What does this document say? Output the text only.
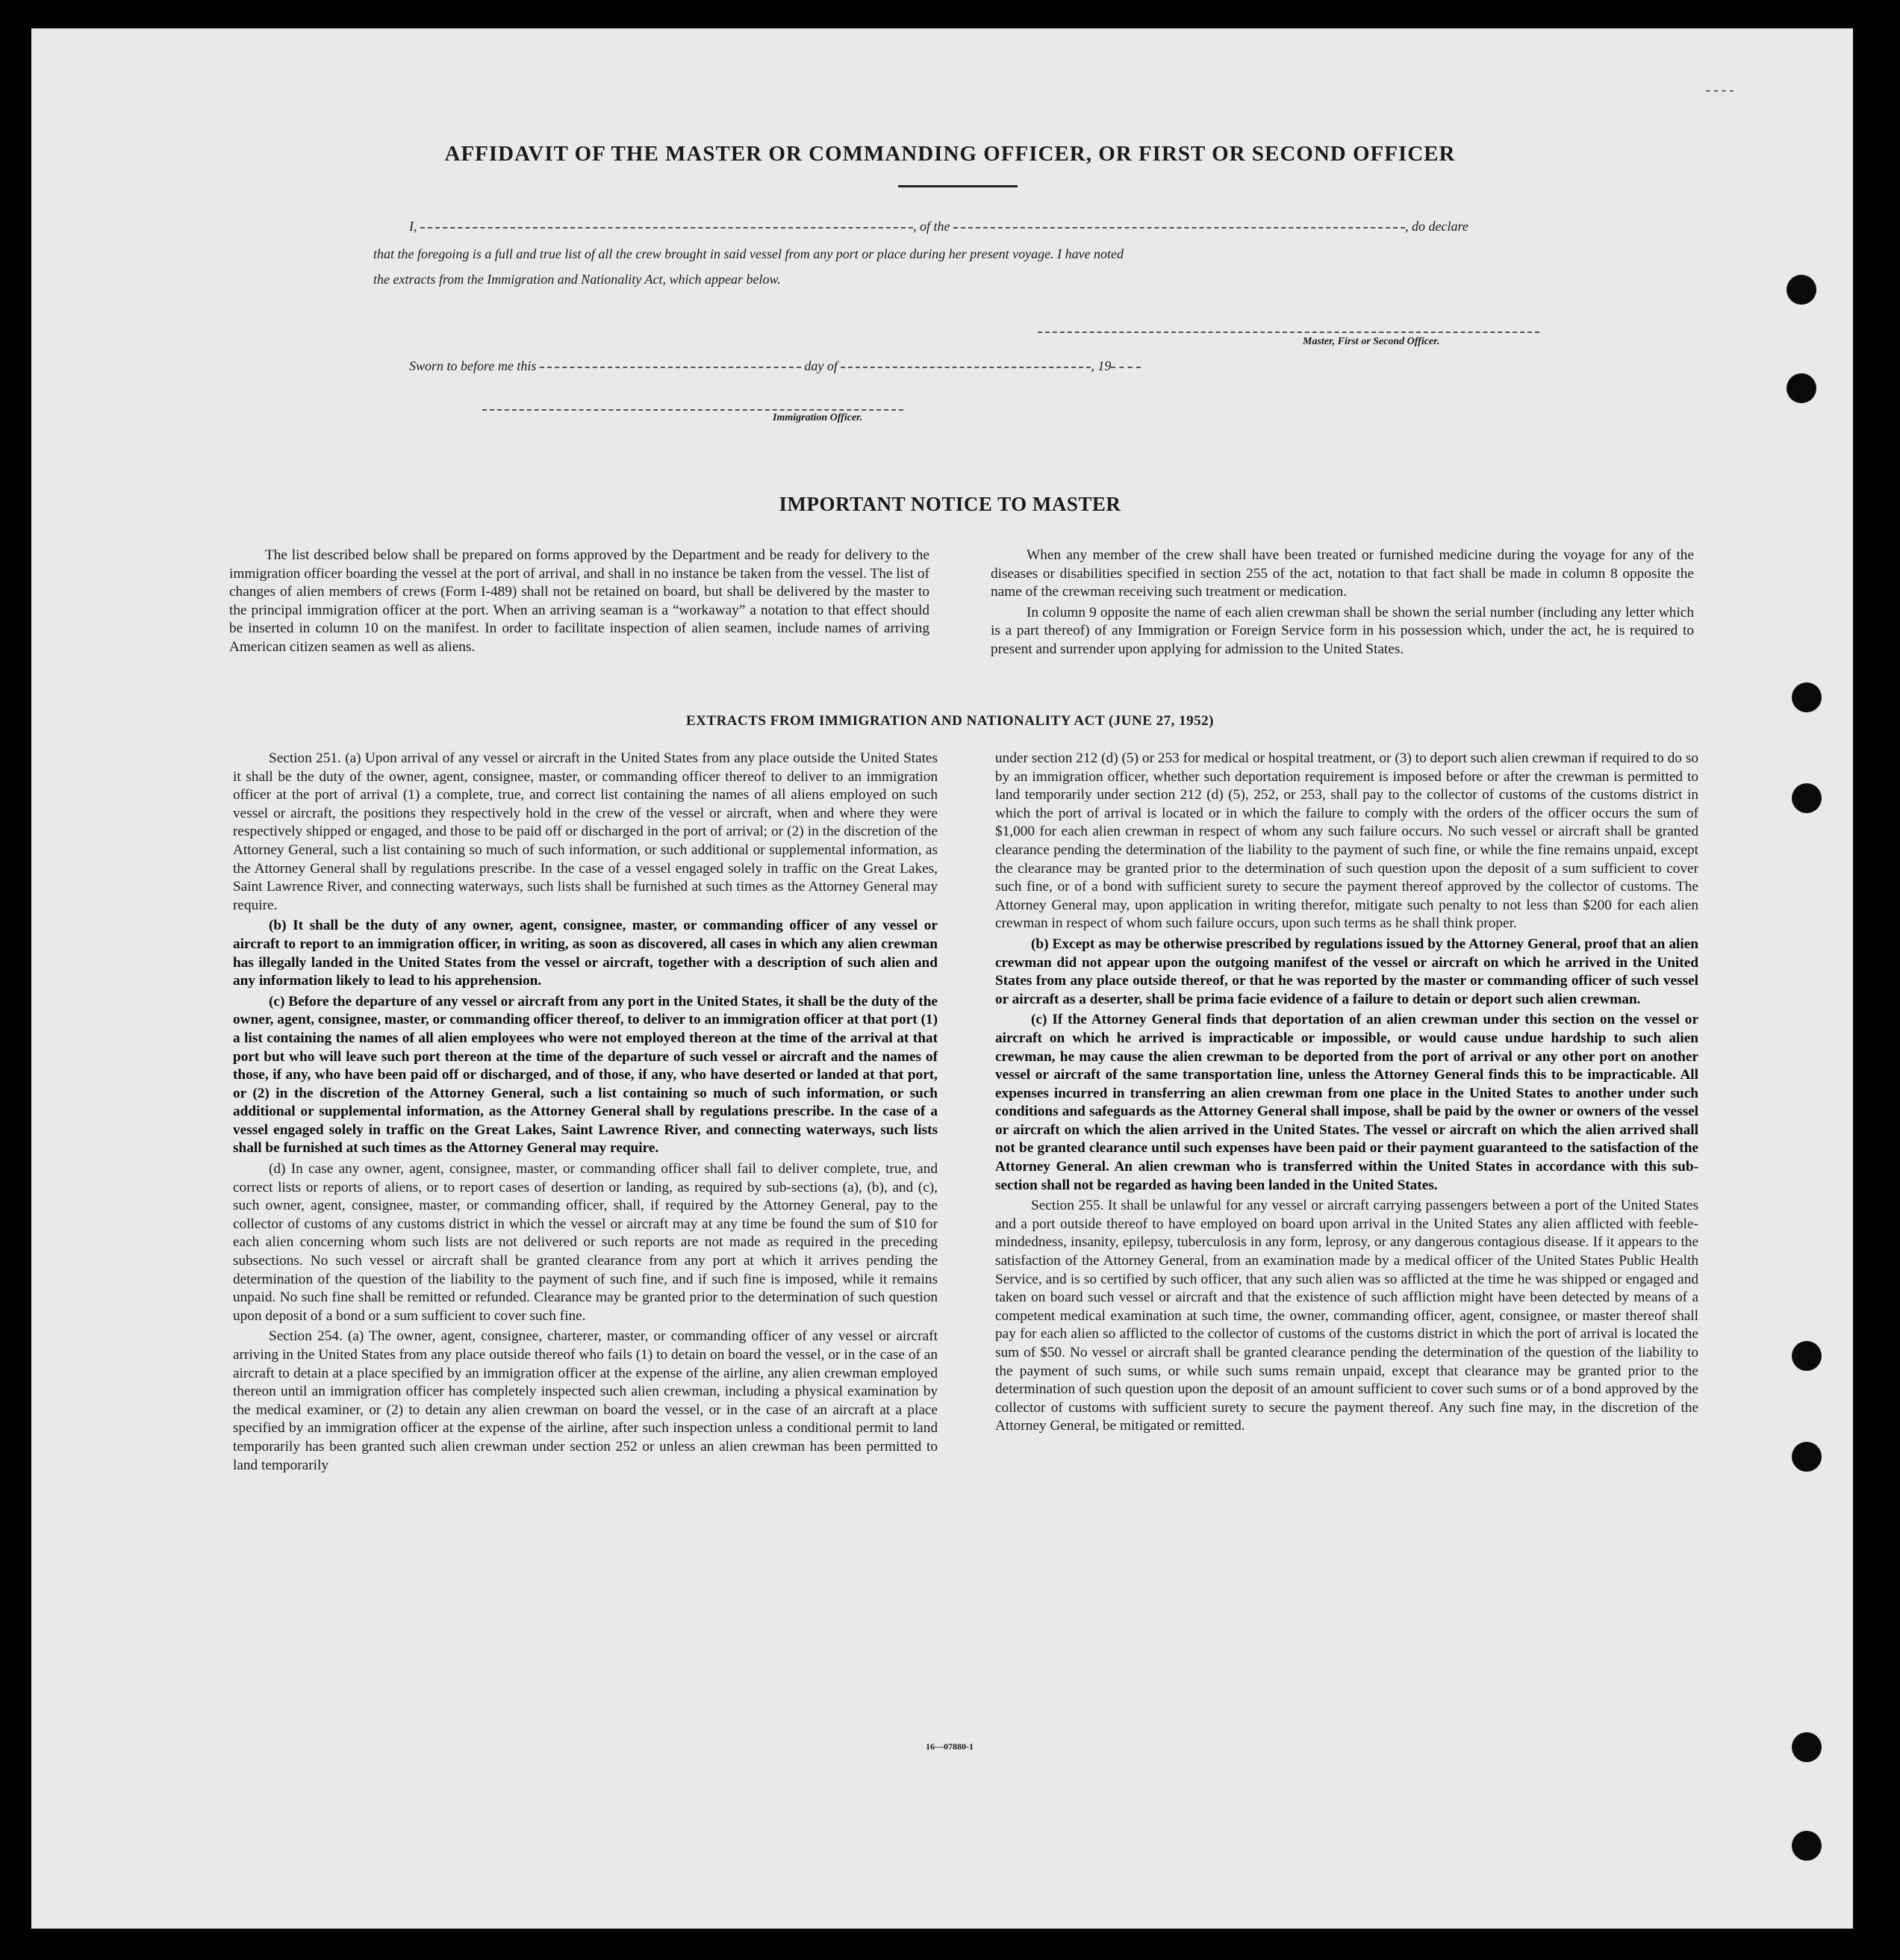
- - - -
AFFIDAVIT OF THE MASTER OR COMMANDING OFFICER, OR FIRST OR SECOND OFFICER
I,	, of the	, do declare
that the foregoing is a full and true list of all the crew brought in said vessel from any port or place during her present voyage. I have noted
the extracts from the Immigration and Nationality Act, which appear below.
Master, First or Second Officer.
Sworn to before me this	day of	, 19
Immigration Officer.
IMPORTANT NOTICE TO MASTER

The list described below shall be prepared on forms approved by the Department and be ready for delivery to the immigration officer boarding the vessel at the port of arrival, and shall in no instance be taken from the vessel. The list of changes of alien members of crews (Form I-489) shall not be retained on board, but shall be delivered by the master to the principal immigration officer at the port. When an arriving seaman is a “workaway” a notation to that effect should be inserted in column 10 on the manifest. In order to facilitate inspection of alien seamen, include names of arriving American citizen seamen as well as aliens.

When any member of the crew shall have been treated or furnished medicine during the voyage for any of the diseases or disabilities specified in section 255 of the act, notation to that fact shall be made in column 8 opposite the name of the crewman receiving such treatment or medication.

In column 9 opposite the name of each alien crewman shall be shown the serial number (including any letter which is a part thereof) of any Immigration or Foreign Service form in his possession which, under the act, he is required to present and surrender upon applying for admission to the United States.

EXTRACTS FROM IMMIGRATION AND NATIONALITY ACT (JUNE 27, 1952)

Section 251. (a) Upon arrival of any vessel or aircraft in the United States from any place outside the United States it shall be the duty of the owner, agent, consignee, master, or commanding officer thereof to deliver to an immigration officer at the port of arrival (1) a complete, true, and correct list containing the names of all aliens employed on such vessel or aircraft, the positions they respectively hold in the crew of the vessel or aircraft, when and where they were respectively shipped or engaged, and those to be paid off or discharged in the port of arrival; or (2) in the discretion of the Attorney General, such a list containing so much of such information, or such additional or supplemental information, as the Attorney General shall by regulations prescribe. In the case of a vessel engaged solely in traffic on the Great Lakes, Saint Lawrence River, and connecting waterways, such lists shall be furnished at such times as the Attorney General may require.

(b) It shall be the duty of any owner, agent, consignee, master, or commanding officer of any vessel or aircraft to report to an immigration officer, in writing, as soon as discovered, all cases in which any alien crewman has illegally landed in the United States from the vessel or aircraft, together with a description of such alien and any information likely to lead to his apprehension.

(c) Before the departure of any vessel or aircraft from any port in the United States, it shall be the duty of the owner, agent, consignee, master, or commanding officer thereof, to deliver to an immigration officer at that port (1) a list containing the names of all alien employees who were not employed thereon at the time of the arrival at that port but who will leave such port thereon at the time of the departure of such vessel or aircraft and the names of those, if any, who have been paid off or discharged, and of those, if any, who have deserted or landed at that port, or (2) in the discretion of the Attorney General, such a list containing so much of such information, or such additional or supplemental information, as the Attorney General shall by regulations prescribe. In the case of a vessel engaged solely in traffic on the Great Lakes, Saint Lawrence River, and connecting waterways, such lists shall be furnished at such times as the Attorney General may require.

(d) In case any owner, agent, consignee, master, or commanding officer shall fail to deliver complete, true, and correct lists or reports of aliens, or to report cases of desertion or landing, as required by sub-sections (a), (b), and (c), such owner, agent, consignee, master, or commanding officer, shall, if required by the Attorney General, pay to the collector of customs of any customs district in which the vessel or aircraft may at any time be found the sum of $10 for each alien concerning whom such lists are not delivered or such reports are not made as required in the preceding subsections. No such vessel or aircraft shall be granted clearance from any port at which it arrives pending the determination of the question of the liability to the payment of such fine, and if such fine is imposed, while it remains unpaid. No such fine shall be remitted or refunded. Clearance may be granted prior to the determination of such question upon deposit of a bond or a sum sufficient to cover such fine.

Section 254. (a) The owner, agent, consignee, charterer, master, or commanding officer of any vessel or aircraft arriving in the United States from any place outside thereof who fails (1) to detain on board the vessel, or in the case of an aircraft to detain at a place specified by an immigration officer at the expense of the airline, any alien crewman employed thereon until an immigration officer has completely inspected such alien crewman, including a physical examination by the medical examiner, or (2) to detain any alien crewman on board the vessel, or in the case of an aircraft at a place specified by an immigration officer at the expense of the airline, after such inspection unless a conditional permit to land temporarily has been granted such alien crewman under section 252 or unless an alien crewman has been permitted to land temporarily

under section 212 (d) (5) or 253 for medical or hospital treatment, or (3) to deport such alien crewman if required to do so by an immigration officer, whether such deportation requirement is imposed before or after the crewman is permitted to land temporarily under section 212 (d) (5), 252, or 253, shall pay to the collector of customs of the customs district in which the port of arrival is located or in which the failure to comply with the orders of the officer occurs the sum of $1,000 for each alien crewman in respect of whom any such failure occurs. No such vessel or aircraft shall be granted clearance pending the determination of the liability to the payment of such fine, or while the fine remains unpaid, except the clearance may be granted prior to the determination of such question upon the deposit of a sum sufficient to cover such fine, or of a bond with sufficient surety to secure the payment thereof approved by the collector of customs. The Attorney General may, upon application in writing therefor, mitigate such penalty to not less than $200 for each alien crewman in respect of whom such failure occurs, upon such terms as he shall think proper.

(b) Except as may be otherwise prescribed by regulations issued by the Attorney General, proof that an alien crewman did not appear upon the outgoing manifest of the vessel or aircraft on which he arrived in the United States from any place outside thereof, or that he was reported by the master or commanding officer of such vessel or aircraft as a deserter, shall be prima facie evidence of a failure to detain or deport such alien crewman.

(c) If the Attorney General finds that deportation of an alien crewman under this section on the vessel or aircraft on which he arrived is impracticable or impossible, or would cause undue hardship to such alien crewman, he may cause the alien crewman to be deported from the port of arrival or any other port on another vessel or aircraft of the same transportation line, unless the Attorney General finds this to be impracticable. All expenses incurred in transferring an alien crewman from one place in the United States to another under such conditions and safeguards as the Attorney General shall impose, shall be paid by the owner or owners of the vessel or aircraft on which the alien arrived in the United States. The vessel or aircraft on which the alien arrived shall not be granted clearance until such expenses have been paid or their payment guaranteed to the satisfaction of the Attorney General. An alien crewman who is transferred within the United States in accordance with this sub-section shall not be regarded as having been landed in the United States.

Section 255. It shall be unlawful for any vessel or aircraft carrying passengers between a port of the United States and a port outside thereof to have employed on board upon arrival in the United States any alien afflicted with feeble-mindedness, insanity, epilepsy, tuberculosis in any form, leprosy, or any dangerous contagious disease. If it appears to the satisfaction of the Attorney General, from an examination made by a medical officer of the United States Public Health Service, and is so certified by such officer, that any such alien was so afflicted at the time he was shipped or engaged and taken on board such vessel or aircraft and that the existence of such affliction might have been detected by means of a competent medical examination at such time, the owner, commanding officer, agent, consignee, or master thereof shall pay for each alien so afflicted to the collector of customs of the customs district in which the port of arrival is located the sum of $50. No vessel or aircraft shall be granted clearance pending the determination of the question of the liability to the payment of such sums, or while such sums remain unpaid, except that clearance may be granted prior to the determination of such question upon the deposit of an amount sufficient to cover such sums or of a bond approved by the collector of customs with sufficient surety to secure the payment thereof. Any such fine may, in the discretion of the Attorney General, be mitigated or remitted.

16—07880-1
